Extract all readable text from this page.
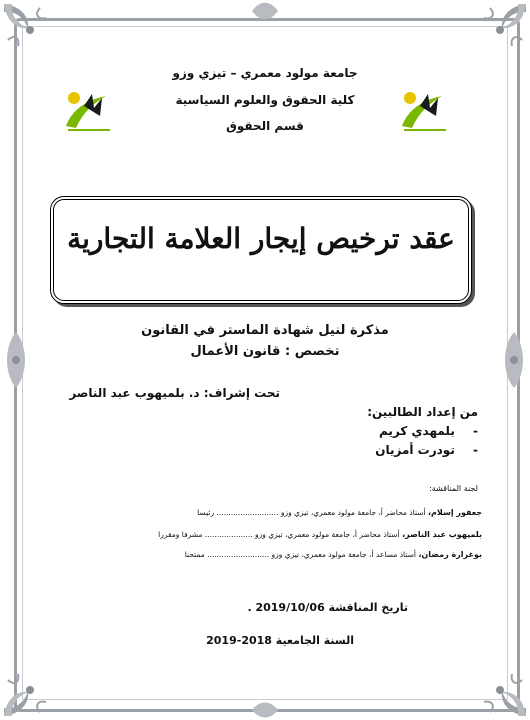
جامعة مولود معمري – تيزي وزو
كلية الحقوق والعلوم السياسية
قسم الحقوق
عقد ترخيص إيجار العلامة التجارية
مذكرة لنيل شهادة الماستر في القانون
تخصص : قانون الأعمال
تحت إشراف: د. بلميهوب عبد الناصر
من إعداد الطالبين:
- بلمهدي كريم
- تودرت أمزيان
لجنة المناقشة:
جعفور إسلام، أستاذ محاضر أ، جامعة مولود معمري، تيزي وزو .......................... رئيسا
بلميهوب عبد الناصر، أستاذ محاضر أ، جامعة مولود معمري، تيزي وزو .................... مشرفا ومقررا
بوغرارة رمضان، أستاذ مساعد أ، جامعة مولود معمري، تيزي وزو .......................... ممتحنا
تاريخ المناقشة 2019/10/06 .
السنة الجامعية 2018-2019
